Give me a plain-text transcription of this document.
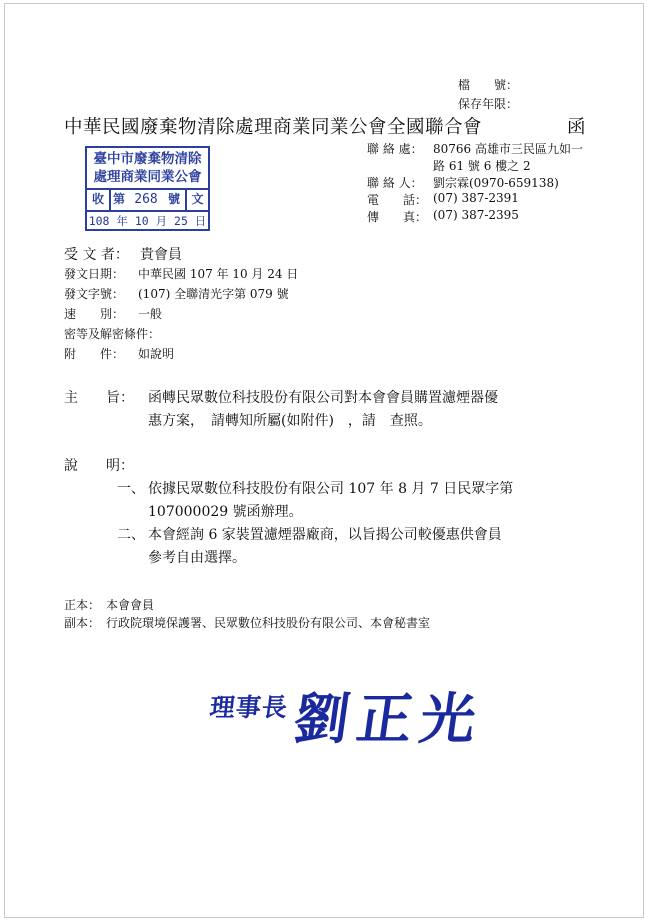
檔　　號：
保存年限：
中華民國廢棄物清除處理商業同業公會全國聯合會	函
聯 絡 處： 80766 高雄市三民區九如一
路 61 號 6 樓之 2
聯 絡 人： 劉宗霖(0970-659138)
電　　話： (07) 387-2391
傳　　真： (07) 387-2395
臺中市廢棄物清除
處理商業同業公會
收 第 268 號 文
108 年 10 月 25 日
受 文 者： 貴會員
發文日期： 中華民國 107 年 10 月 24 日
發文字號： (107) 全聯清光字第 079 號
速　　別： 一般
密等及解密條件：
附　　件： 如說明
主　　旨： 函轉民眾數位科技股份有限公司對本會會員購置濾煙器優
惠方案，　請轉知所屬(如附件)　，請　查照。
說　　明：
一、 依據民眾數位科技股份有限公司 107 年 8 月 7 日民眾字第
107000029 號函辦理。
二、 本會經詢 6 家裝置濾煙器廠商，以旨揭公司較優惠供會員
參考自由選擇。
正本： 本會會員
副本： 行政院環境保護署、民眾數位科技股份有限公司、本會秘書室
理事長 劉正光
